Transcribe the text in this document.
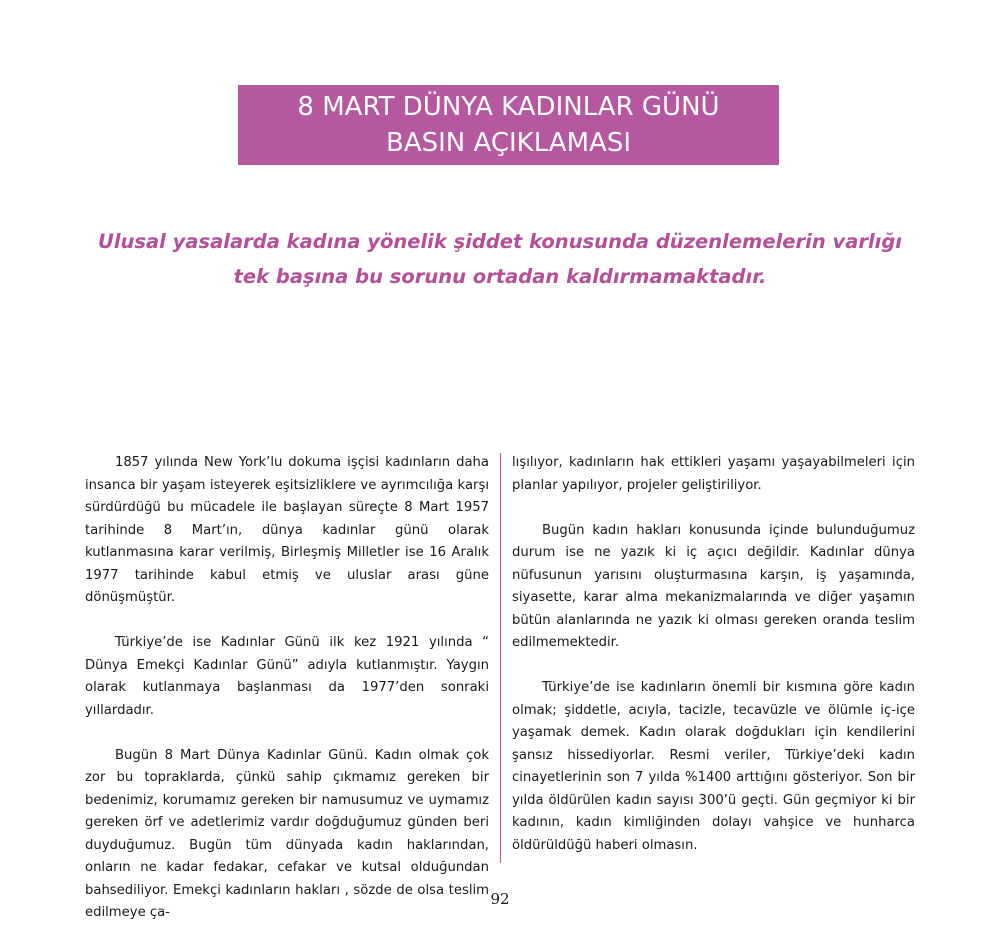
8 MART DÜNYA KADINLAR GÜNÜ
BASIN AÇIKLAMASI
Ulusal yasalarda kadına yönelik şiddet konusunda düzenlemelerin varlığı
tek başına bu sorunu ortadan kaldırmamaktadır.

1857 yılında New York’lu dokuma işçisi kadınların daha insanca bir yaşam isteyerek eşitsizliklere ve ayrımcılığa karşı sürdürdüğü bu mücadele ile başlayan süreçte 8 Mart 1957 tarihinde 8 Mart’ın, dünya kadınlar günü olarak kutlanmasına karar verilmiş, Birleşmiş Milletler ise 16 Aralık 1977 tarihinde kabul etmiş ve uluslar arası güne dönüşmüştür.

Türkiye’de ise Kadınlar Günü ilk kez 1921 yılında “ Dünya Emekçi Kadınlar Günü” adıyla kutlanmıştır. Yaygın olarak kutlanmaya başlanması da 1977’den sonraki yıllardadır.

Bugün 8 Mart Dünya Kadınlar Günü. Kadın olmak çok zor bu topraklarda, çünkü sahip çıkmamız gereken bir bedenimiz, korumamız gereken bir namusumuz ve uymamız gereken örf ve adetlerimiz vardır doğduğumuz günden beri duyduğumuz. Bugün tüm dünyada kadın haklarından, onların ne kadar fedakar, cefakar ve kutsal olduğundan bahsediliyor. Emekçi kadınların hakları , sözde de olsa teslim edilmeye ça-

lışılıyor, kadınların hak ettikleri yaşamı yaşayabilmeleri için planlar yapılıyor, projeler geliştiriliyor.

Bugün kadın hakları konusunda içinde bulunduğumuz durum ise ne yazık ki iç açıcı değildir. Kadınlar dünya nüfusunun yarısını oluşturmasına karşın, iş yaşamında, siyasette, karar alma mekanizmalarında ve diğer yaşamın bütün alanlarında ne yazık ki olması gereken oranda teslim edilmemektedir.

Türkiye’de ise kadınların önemli bir kısmına göre kadın olmak; şiddetle, acıyla, tacizle, tecavüzle ve ölümle iç-içe yaşamak demek. Kadın olarak doğdukları için kendilerini şansız hissediyorlar. Resmi veriler, Türkiye’deki kadın cinayetlerinin son 7 yılda %1400 arttığını gösteriyor. Son bir yılda öldürülen kadın sayısı 300’ü geçti. Gün geçmiyor ki bir kadının, kadın kimliğinden dolayı vahşice ve hunharca öldürüldüğü haberi olmasın.

92
